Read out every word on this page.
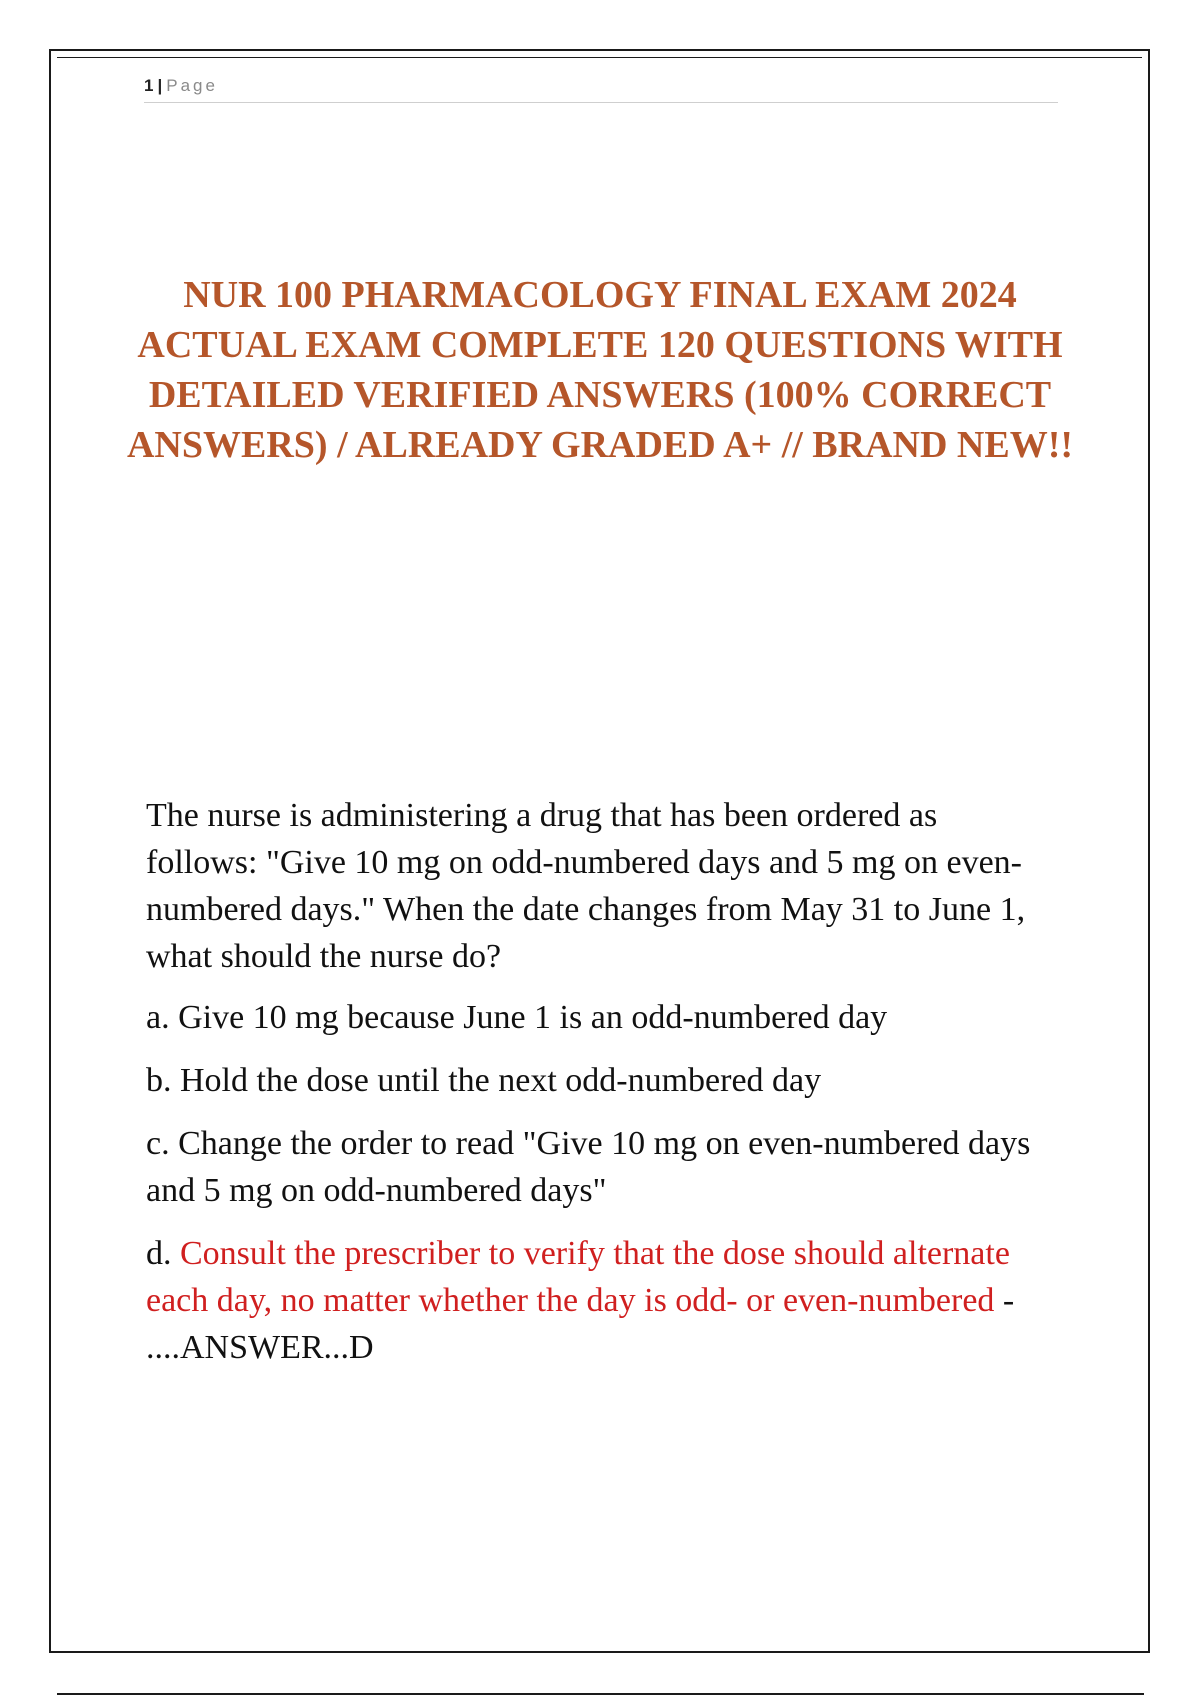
1 | Page
NUR 100 PHARMACOLOGY FINAL EXAM 2024 ACTUAL EXAM COMPLETE 120 QUESTIONS WITH DETAILED VERIFIED ANSWERS (100% CORRECT ANSWERS) / ALREADY GRADED A+ // BRAND NEW!!

The nurse is administering a drug that has been ordered as follows: "Give 10 mg on odd-numbered days and 5 mg on even-numbered days." When the date changes from May 31 to June 1, what should the nurse do?

a. Give 10 mg because June 1 is an odd-numbered day

b. Hold the dose until the next odd-numbered day

c. Change the order to read "Give 10 mg on even-numbered days and 5 mg on odd-numbered days"

d. Consult the prescriber to verify that the dose should alternate each day, no matter whether the day is odd- or even-numbered - ....ANSWER...D
